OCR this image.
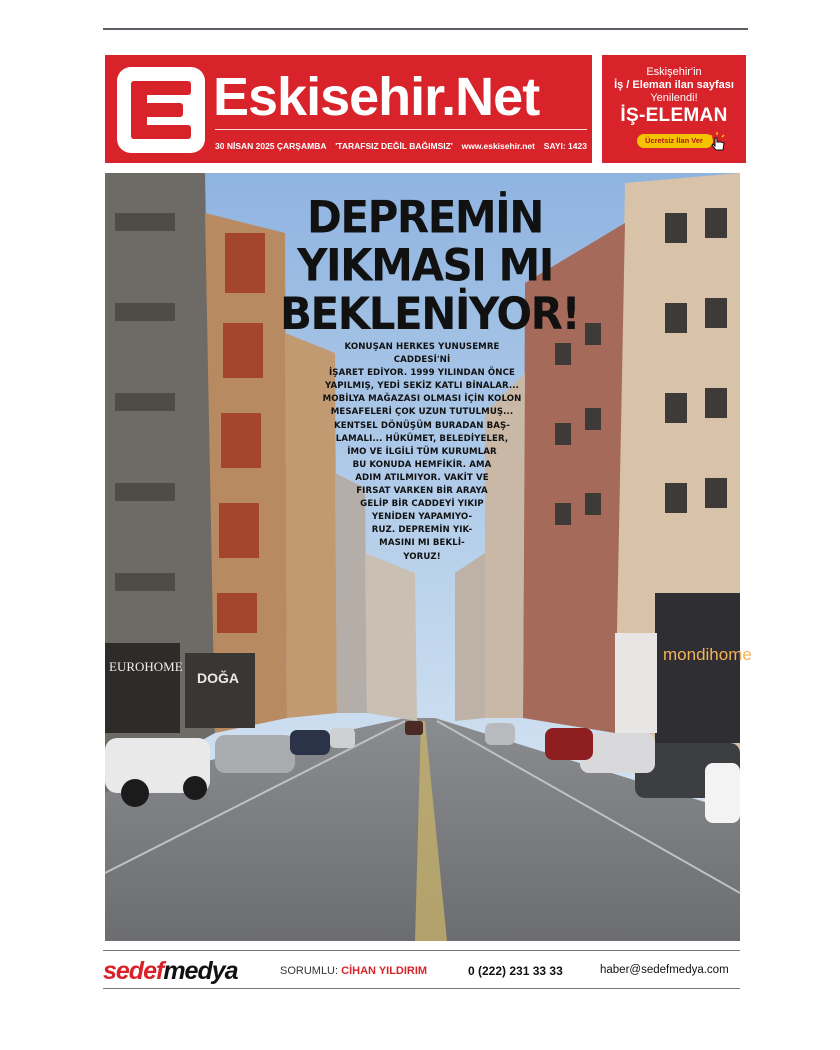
Eskisehir.Net
30 NİSAN 2025 ÇARŞAMBA 'TARAFSIZ DEĞİL BAĞIMSIZ' www.eskisehir.net SAYI: 1423
Eskişehir'in
İş / Eleman ilan sayfası
Yenilendi!
İŞ-ELEMAN
Ücretsiz İlan Ver
EUROHOME
DOĞA
mondihome
DEPREMİN
YIKMASI MI
BEKLENİYOR!
KONUŞAN HERKES YUNUSEMRE CADDESİ'Nİ
İŞARET EDİYOR. 1999 YILINDAN ÖNCE
YAPILMIŞ, YEDİ SEKİZ KATLI BİNALAR...
MOBİLYA MAĞAZASI OLMASI İÇİN KOLON
MESAFELERİ ÇOK UZUN TUTULMUŞ...
KENTSEL DÖNÜŞÜM BURADAN BAŞ-
LAMALI... HÜKÜMET, BELEDİYELER,
İMO VE İLGİLİ TÜM KURUMLAR
BU KONUDA HEMFİKİR. AMA
ADIM ATILMIYOR. VAKİT VE
FIRSAT VARKEN BİR ARAYA
GELİP BİR CADDEYİ YIKIP
YENİDEN YAPAMIYO-
RUZ. DEPREMİN YIK-
MASINI MI BEKLİ-
YORUZ!
sedefmedya	SORUMLU: CİHAN YILDIRIM	0 (222) 231 33 33	haber@sedefmedya.com
